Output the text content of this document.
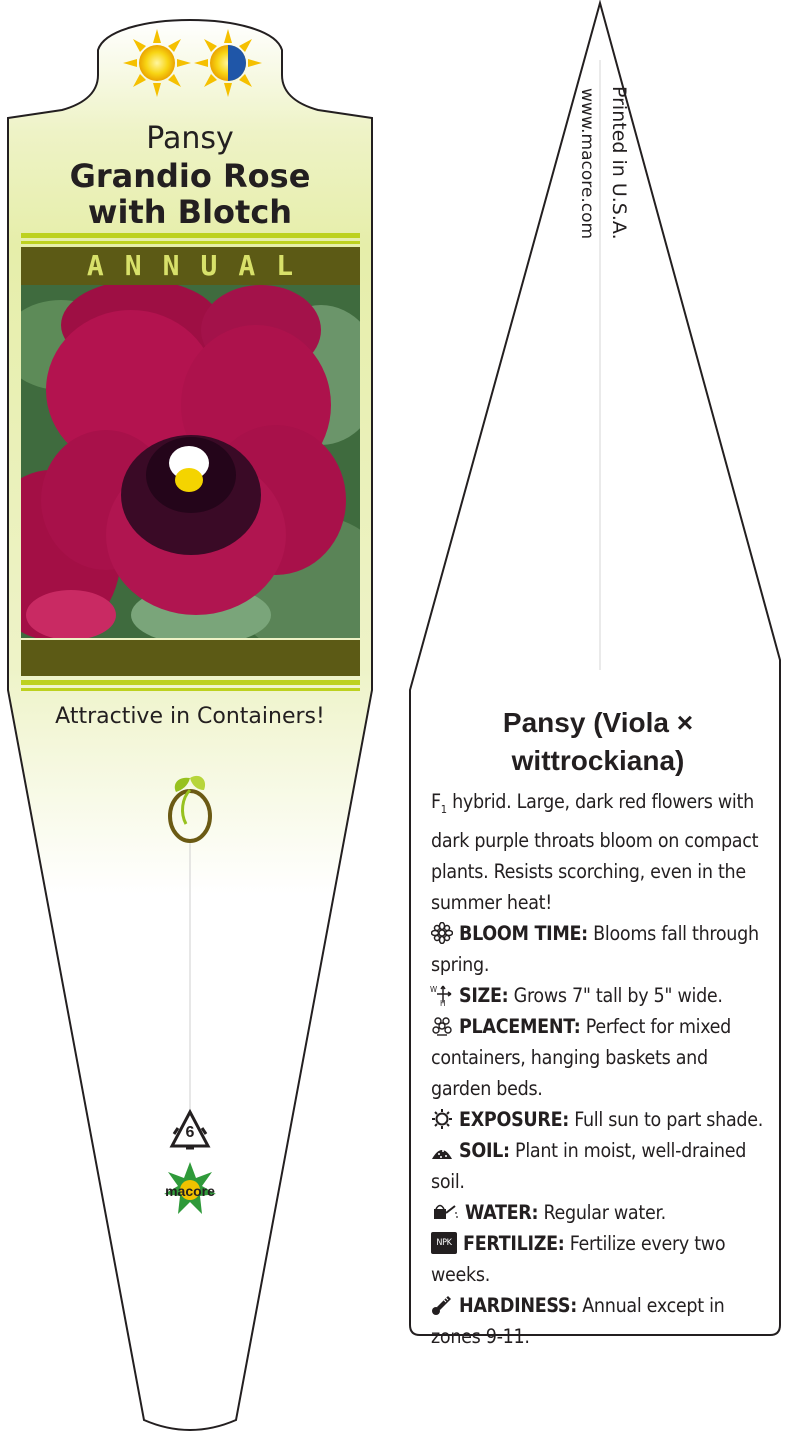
Pansy
Grandio Rose
with Blotch
ANNUAL
Attractive in Containers!
6
macore
Printed in U.S.A.
www.macore.com
Pansy (Viola ×
wittrockiana)

$F_1$ hybrid. Large, dark red flowers with dark purple throats bloom on compact plants. Resists scorching, even in the summer heat!

BLOOM TIME: Blooms fall through spring.

W
H SIZE: Grows 7" tall by 5" wide.

PLACEMENT: Perfect for mixed containers, hanging baskets and garden beds.

EXPOSURE: Full sun to part shade.

SOIL: Plant in moist, well-drained soil.

WATER: Regular water.

NPK FERTILIZE: Fertilize every two weeks.

HARDINESS: Annual except in zones 9-11.
